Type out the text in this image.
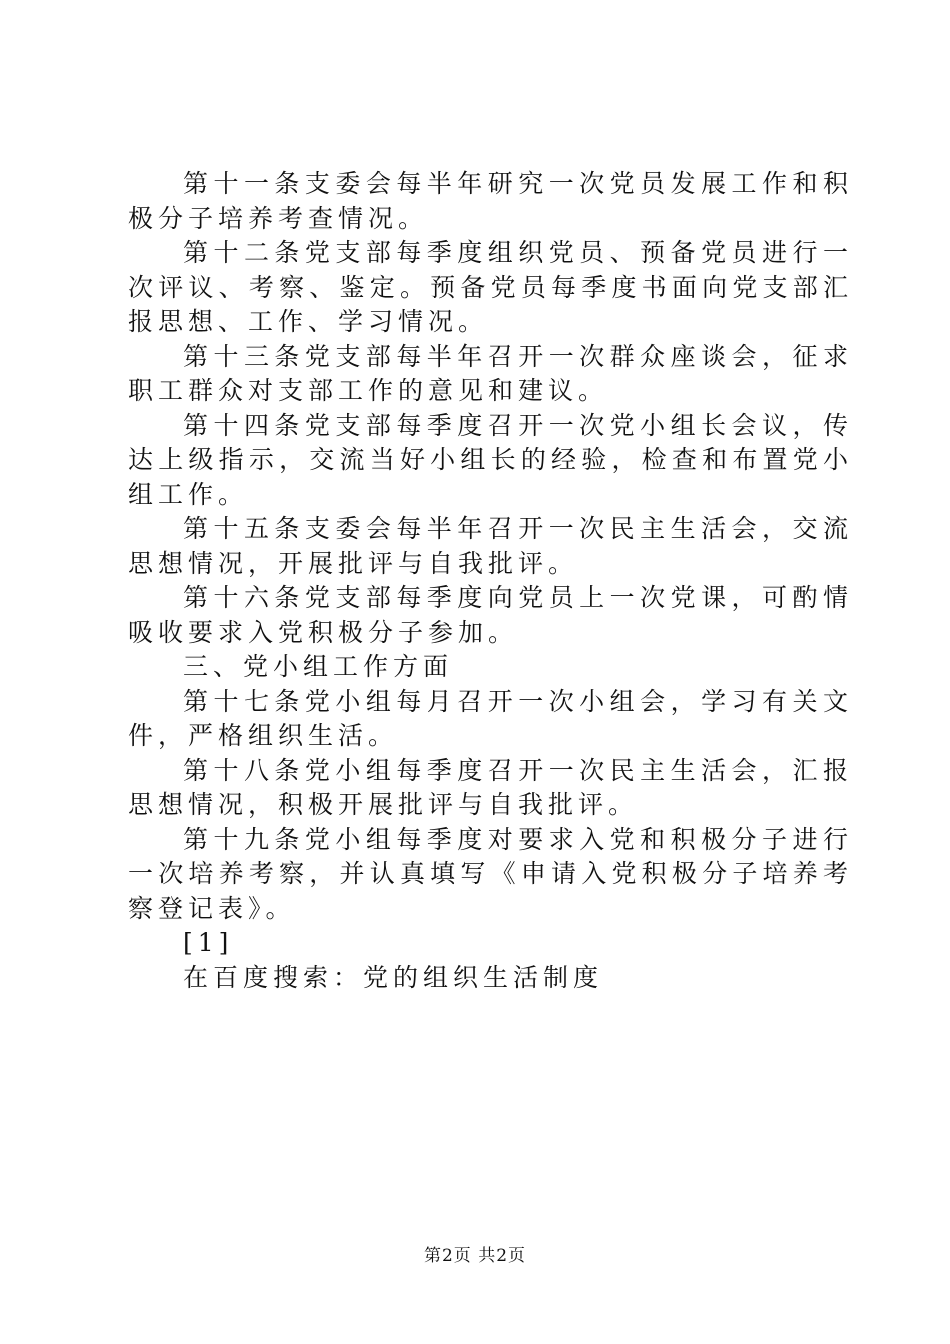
第十一条支委会每半年研究一次党员发展工作和积极分子培养考查情况。

第十二条党支部每季度组织党员、预备党员进行一次评议、考察、鉴定。预备党员每季度书面向党支部汇报思想、工作、学习情况。

第十三条党支部每半年召开一次群众座谈会，征求职工群众对支部工作的意见和建议。

第十四条党支部每季度召开一次党小组长会议，传达上级指示，交流当好小组长的经验，检查和布置党小组工作。

第十五条支委会每半年召开一次民主生活会，交流思想情况，开展批评与自我批评。

第十六条党支部每季度向党员上一次党课，可酌情吸收要求入党积极分子参加。

三、党小组工作方面

第十七条党小组每月召开一次小组会，学习有关文件，严格组织生活。

第十八条党小组每季度召开一次民主生活会，汇报思想情况，积极开展批评与自我批评。

第十九条党小组每季度对要求入党和积极分子进行一次培养考察，并认真填写《申请入党积极分子培养考察登记表》。

[1]

在百度搜索：党的组织生活制度

第2页 共2页
